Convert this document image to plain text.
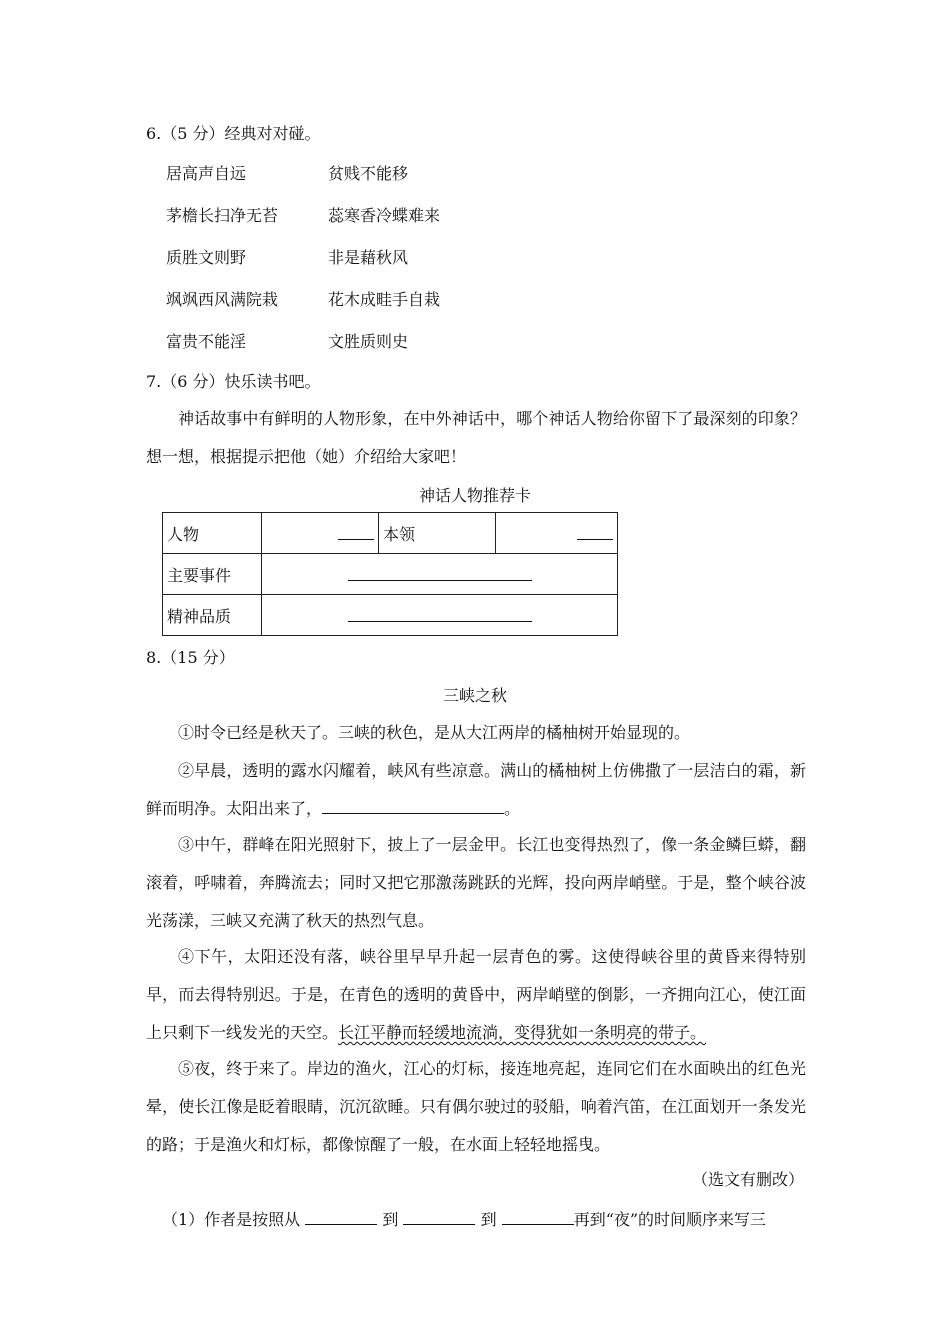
6.（5 分）经典对对碰。
居高声自远	贫贱不能移
茅檐长扫净无苔	蕊寒香冷蝶难来
质胜文则野	非是藉秋风
飒飒西风满院栽	花木成畦手自栽
富贵不能淫	文胜质则史
7.（6 分）快乐读书吧。
神话故事中有鲜明的人物形象，在中外神话中，哪个神话人物给你留下了最深刻的印象？想一想，根据提示把他（她）介绍给大家吧！
神话人物推荐卡
人物		本领	
主要事件			
精神品质			
8.（15 分）
三峡之秋
①时令已经是秋天了。三峡的秋色，是从大江两岸的橘柚树开始显现的。
②早晨，透明的露水闪耀着，峡风有些凉意。满山的橘柚树上仿佛撒了一层洁白的霜，新鲜而明净。太阳出来了，	。
③中午，群峰在阳光照射下，披上了一层金甲。长江也变得热烈了，像一条金鳞巨蟒，翻滚着，呼啸着，奔腾流去；同时又把它那激荡跳跃的光辉，投向两岸峭壁。于是，整个峡谷波光荡漾，三峡又充满了秋天的热烈气息。
④下午，太阳还没有落，峡谷里早早升起一层青色的雾。这使得峡谷里的黄昏来得特别早，而去得特别迟。于是，在青色的透明的黄昏中，两岸峭壁的倒影，一齐拥向江心，使江面上只剩下一线发光的天空。长江平静而轻缓地流淌，变得犹如一条明亮的带子。
⑤夜，终于来了。岸边的渔火，江心的灯标，接连地亮起，连同它们在水面映出的红色光晕，使长江像是眨着眼睛，沉沉欲睡。只有偶尔驶过的驳船，响着汽笛，在江面划开一条发光的路；于是渔火和灯标，都像惊醒了一般，在水面上轻轻地摇曳。
（选文有删改）
（1）作者是按照从	到	到	再到“夜”的时间顺序来写三
